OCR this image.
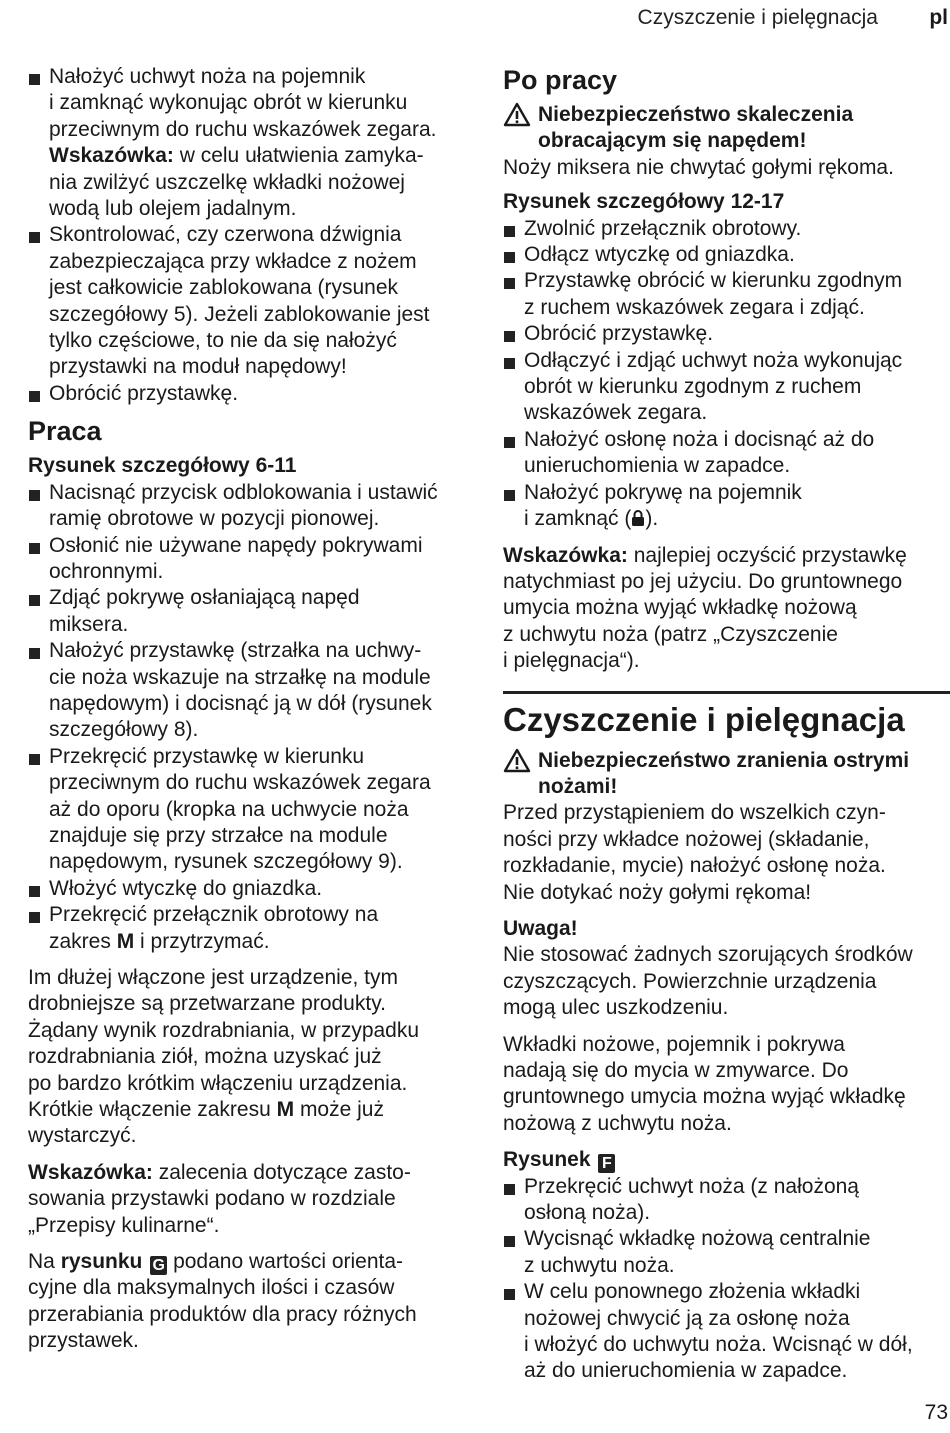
Czyszczenie i pielęgnacja pl
Nałożyć uchwyt noża na pojemnik
i zamknąć wykonując obrót w kierunku
przeciwnym do ruchu wskazówek zegara.
Wskazówka: w celu ułatwienia zamyka-
nia zwilżyć uszczelkę wkładki nożowej
wodą lub olejem jadalnym.
Skontrolować, czy czerwona dźwignia
zabezpieczająca przy wkładce z nożem
jest całkowicie zablokowana (rysunek
szczegółowy 5). Jeżeli zablokowanie jest
tylko częściowe, to nie da się nałożyć
przystawki na moduł napędowy!
Obrócić przystawkę.
Praca
Rysunek szczegółowy 6-11
Nacisnąć przycisk odblokowania i ustawić
ramię obrotowe w pozycji pionowej.
Osłonić nie używane napędy pokrywami
ochronnymi.
Zdjąć pokrywę osłaniającą napęd
miksera.
Nałożyć przystawkę (strzałka na uchwy-
cie noża wskazuje na strzałkę na module
napędowym) i docisnąć ją w dół (rysunek
szczegółowy 8).
Przekręcić przystawkę w kierunku
przeciwnym do ruchu wskazówek zegara
aż do oporu (kropka na uchwycie noża
znajduje się przy strzałce na module
napędowym, rysunek szczegółowy 9).
Włożyć wtyczkę do gniazdka.
Przekręcić przełącznik obrotowy na
zakres M i przytrzymać.
Im dłużej włączone jest urządzenie, tym
drobniejsze są przetwarzane produkty.
Żądany wynik rozdrabniania, w przypadku
rozdrabniania ziół, można uzyskać już
po bardzo krótkim włączeniu urządzenia.
Krótkie włączenie zakresu M może już
wystarczyć.
Wskazówka: zalecenia dotyczące zasto-
sowania przystawki podano w rozdziale
„Przepisy kulinarne“.
Na rysunku G podano wartości orienta-
cyjne dla maksymalnych ilości i czasów
przerabiania produktów dla pracy różnych
przystawek.
Po pracy
Niebezpieczeństwo skaleczenia
obracającym się napędem!
Noży miksera nie chwytać gołymi rękoma.
Rysunek szczegółowy 12-17
Zwolnić przełącznik obrotowy.
Odłącz wtyczkę od gniazdka.
Przystawkę obrócić w kierunku zgodnym
z ruchem wskazówek zegara i zdjąć.
Obrócić przystawkę.
Odłączyć i zdjąć uchwyt noża wykonując
obrót w kierunku zgodnym z ruchem
wskazówek zegara.
Nałożyć osłonę noża i docisnąć aż do
unieruchomienia w zapadce.
Nałożyć pokrywę na pojemnik
i zamknąć ( ).
Wskazówka: najlepiej oczyścić przystawkę
natychmiast po jej użyciu. Do gruntownego
umycia można wyjąć wkładkę nożową
z uchwytu noża (patrz „Czyszczenie
i pielęgnacja“).
Czyszczenie i pielęgnacja
Niebezpieczeństwo zranienia ostrymi
nożami!
Przed przystąpieniem do wszelkich czyn-
ności przy wkładce nożowej (składanie,
rozkładanie, mycie) nałożyć osłonę noża.
Nie dotykać noży gołymi rękoma!
Uwaga!
Nie stosować żadnych szorujących środków
czyszczących. Powierzchnie urządzenia
mogą ulec uszkodzeniu.
Wkładki nożowe, pojemnik i pokrywa
nadają się do mycia w zmywarce. Do
gruntownego umycia można wyjąć wkładkę
nożową z uchwytu noża.
Rysunek F
Przekręcić uchwyt noża (z nałożoną
osłoną noża).
Wycisnąć wkładkę nożową centralnie
z uchwytu noża.
W celu ponownego złożenia wkładki
nożowej chwycić ją za osłonę noża
i włożyć do uchwytu noża. Wcisnąć w dół,
aż do unieruchomienia w zapadce.
73
